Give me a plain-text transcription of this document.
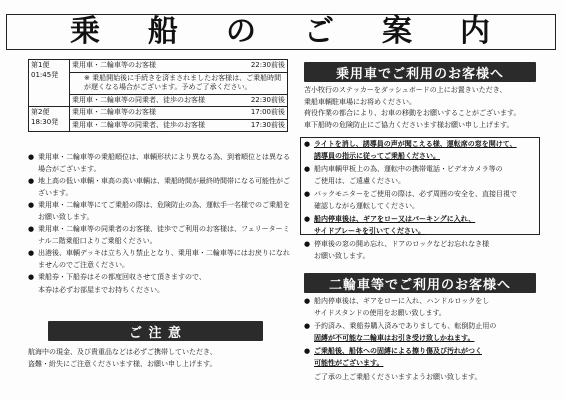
乗 船 の ご 案 内
第1便
01:45発	乗用車・二輪車等のお客様 22:30前後

	※ 乗船開始後に手続きを済まされましたお客様は、ご乗船時間が遅くなる場合がございます。予めご了承ください。

	乗用車・二輪車等の同乗者、徒歩のお客様 22:30前後

第2便
18:30発	乗用車・二輪車等のお客様 17:00前後

	乗用車・二輪車等の同乗者、徒歩のお客様 17:30前後
● 乗用車・二輪車等の乗船順位は、車輌形状により異なる為、到着順位とは異なる場合がございます。
● 地上高の低い車輌・車高の高い車輌は、乗船時間が最終時間帯になる可能性がございます。
● 乗用車・二輪車等にてご乗船の際は、危険防止の為、運転手一名様でのご乗船をお願い致します。
● 乗用車・二輪車等の同乗者のお客様、徒歩でご利用のお客様は、フェリーターミナル二階乗船口よりご乗船ください。
● 出港後、車輌デッキは立ち入り禁止となり、乗用車・二輪車等にはお戻りになれませんのでご注意ください。
● 乗船券・下船券はその都度回収させて頂きますので、
本券は必ずお部屋までお持ちください。
ご 注 意
航海中の現金、及び貴重品などは必ずご携帯していただき、
盗難・紛失にご注意くださいます様、お願い申し上げます。
乗用車でご利用のお客様へ
苫小牧行のステッカーをダッシュボードの上にお置きいただき、
乗船車輌駐車場にお将めください。
荷役作業の都合により、お車の移動をお願いすることがございます。
車下船時の危険防止にご協力くださいます様お願い申し上げます。
● ライトを消し、誘導員の声が聞こえる様、運転席の窓を開けて、
誘導員の指示に従ってご乗船ください。
● 船内車輌甲板上の為、運転中の携帯電話・ビデオカメラ等の
ご使用は、ご遠慮ください。
● バックモニターをご使用の際は、必ず周囲の安全を、直接目視で
確認しながら運転してください。
● 船内停車後は、ギアをロー又はパーキングに入れ、
サイドブレーキを引いてください。
● 停車後の窓の開め忘れ、ドアのロックなどお忘れなき様
お願い致します。
二輪車等でご利用のお客様へ
● 船内停車後は、ギアをローに入れ、ハンドルロックをし
サイドスタンドの使用をお願い致します。
● 予約済み、乗船券購入済みでありましても、転倒防止用の
固縛が不可能な二輪車はお引き受け致しかねます。
● ご乗船後、船体への固縛による擦り傷及び汚れがつく
可能性がございます。
ご了承の上ご乗船くださいますようお願い致します。
